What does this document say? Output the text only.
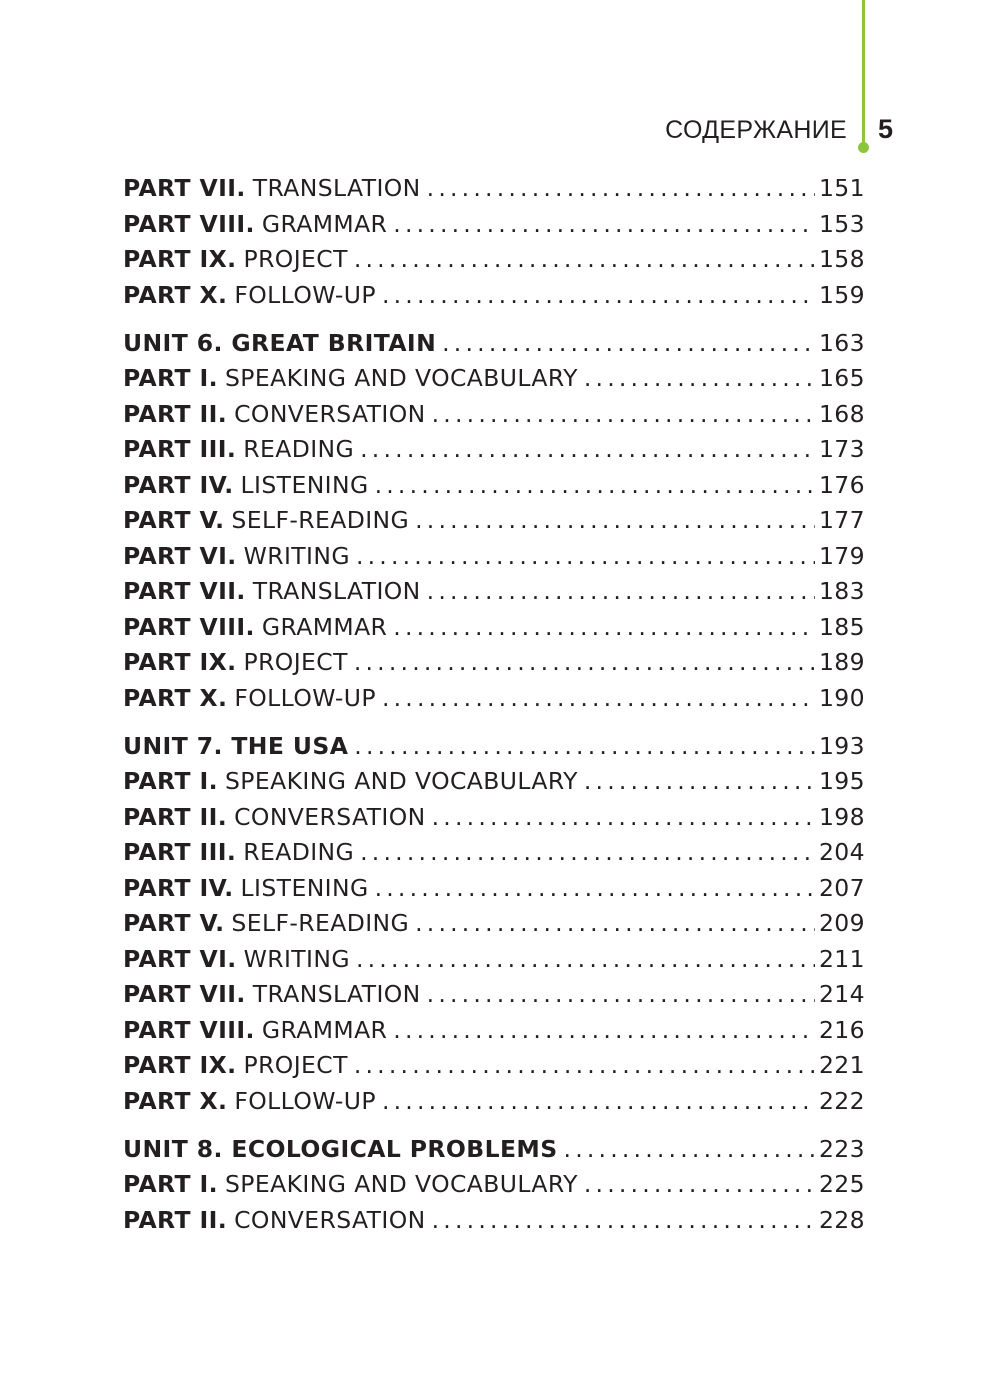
СОДЕРЖАНИЕ 5
PART VII. TRANSLATION .....	151
PART VIII. GRAMMAR .....	153
PART IX. PROJECT .....	158
PART X. FOLLOW-UP .....	159
UNIT 6. GREAT BRITAIN .....	163
PART I. SPEAKING AND VOCABULARY .....	165
PART II. CONVERSATION .....	168
PART III. READING .....	173
PART IV. LISTENING .....	176
PART V. SELF-READING .....	177
PART VI. WRITING .....	179
PART VII. TRANSLATION .....	183
PART VIII. GRAMMAR .....	185
PART IX. PROJECT .....	189
PART X. FOLLOW-UP .....	190
UNIT 7. THE USA .....	193
PART I. SPEAKING AND VOCABULARY .....	195
PART II. CONVERSATION .....	198
PART III. READING .....	204
PART IV. LISTENING .....	207
PART V. SELF-READING .....	209
PART VI. WRITING .....	211
PART VII. TRANSLATION .....	214
PART VIII. GRAMMAR .....	216
PART IX. PROJECT .....	221
PART X. FOLLOW-UP .....	222
UNIT 8. ECOLOGICAL PROBLEMS .....	223
PART I. SPEAKING AND VOCABULARY .....	225
PART II. CONVERSATION .....	228
